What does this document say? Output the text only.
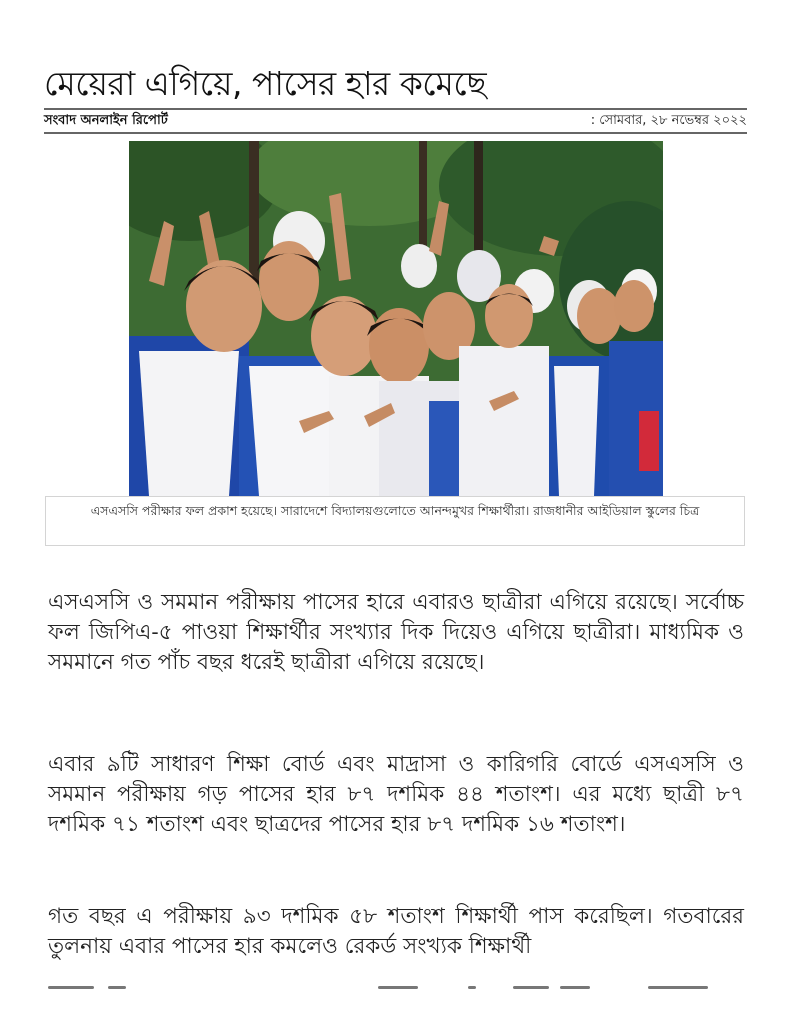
মেয়েরা এগিয়ে, পাসের হার কমেছে
সংবাদ অনলাইন রিপোর্ট	: সোমবার, ২৮ নভেম্বর ২০২২
এসএসসি পরীক্ষার ফল প্রকাশ হয়েছে। সারাদেশে বিদ্যালয়গুলোতে আনন্দমুখর শিক্ষার্থীরা। রাজধানীর আইডিয়াল স্কুলের চিত্র

এসএসসি ও সমমান পরীক্ষায় পাসের হারে এবারও ছাত্রীরা এগিয়ে রয়েছে। সর্বোচ্চ ফল জিপিএ-৫ পাওয়া শিক্ষার্থীর সংখ্যার দিক দিয়েও এগিয়ে ছাত্রীরা। মাধ্যমিক ও সমমানে গত পাঁচ বছর ধরেই ছাত্রীরা এগিয়ে রয়েছে।

এবার ৯টি সাধারণ শিক্ষা বোর্ড এবং মাদ্রাসা ও কারিগরি বোর্ডে এসএসসি ও সমমান পরীক্ষায় গড় পাসের হার ৮৭ দশমিক ৪৪ শতাংশ। এর মধ্যে ছাত্রী ৮৭ দশমিক ৭১ শতাংশ এবং ছাত্রদের পাসের হার ৮৭ দশমিক ১৬ শতাংশ।

গত বছর এ পরীক্ষায় ৯৩ দশমিক ৫৮ শতাংশ শিক্ষার্থী পাস করেছিল। গতবারের তুলনায় এবার পাসের হার কমলেও রেকর্ড সংখ্যক শিক্ষার্থী
